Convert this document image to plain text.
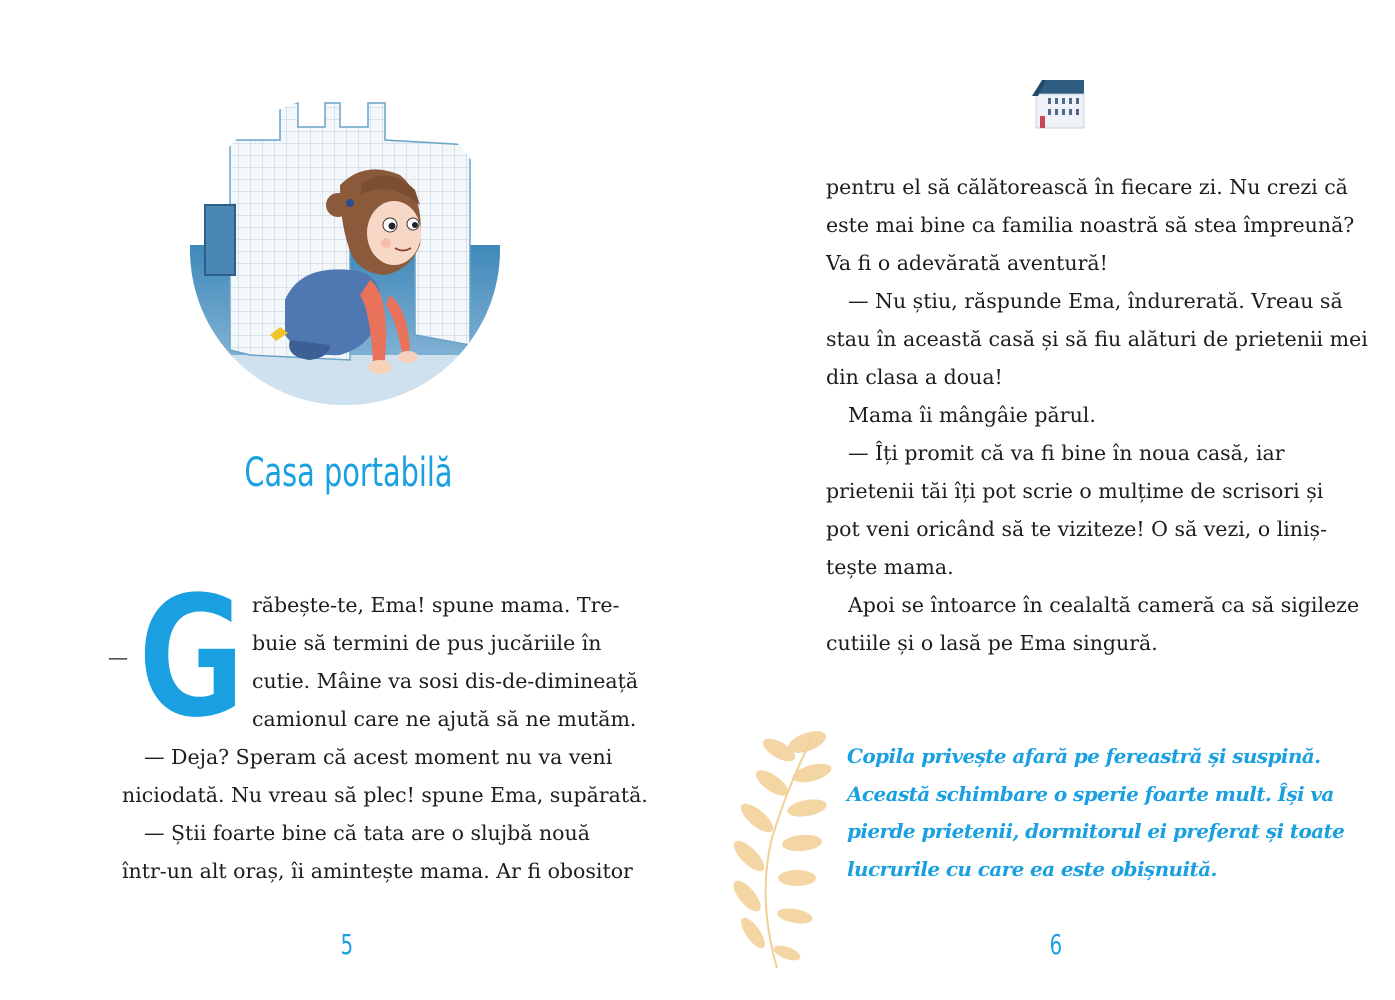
Casa portabilă
— G răbește-te, Ema! spune mama. Tre-
buie să termini de pus jucăriile în
cutie. Mâine va sosi dis-de-dimineață
camionul care ne ajută să ne mutăm.
— Deja? Speram că acest moment nu va veni
niciodată. Nu vreau să plec! spune Ema, supărată.
— Știi foarte bine că tata are o slujbă nouă
într-un alt oraș, îi amintește mama. Ar fi obositor
5
pentru el să călătorească în fiecare zi. Nu crezi că
este mai bine ca familia noastră să stea împreună?
Va fi o adevărată aventură!
— Nu știu, răspunde Ema, îndurerată. Vreau să
stau în această casă și să fiu alături de prietenii mei
din clasa a doua!
Mama îi mângâie părul.
— Îți promit că va fi bine în noua casă, iar
prietenii tăi îți pot scrie o mulțime de scrisori și
pot veni oricând să te viziteze! O să vezi, o liniș-
tește mama.
Apoi se întoarce în cealaltă cameră ca să sigileze
cutiile și o lasă pe Ema singură.
Copila privește afară pe fereastră și suspină.
Această schimbare o sperie foarte mult. Își va
pierde prietenii, dormitorul ei preferat și toate
lucrurile cu care ea este obișnuită.
6
